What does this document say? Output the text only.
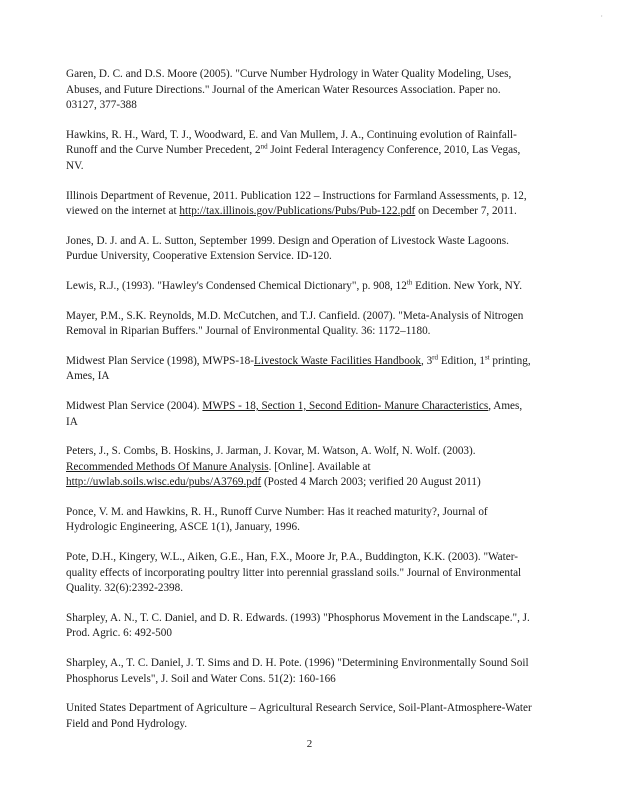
·

Garen, D. C. and D.S. Moore (2005). "Curve Number Hydrology in Water Quality Modeling, Uses, Abuses, and Future Directions." Journal of the American Water Resources Association. Paper no. 03127, 377-388

Hawkins, R. H., Ward, T. J., Woodward, E. and Van Mullem, J. A., Continuing evolution of Rainfall-Runoff and the Curve Number Precedent, 2nd Joint Federal Interagency Conference, 2010, Las Vegas, NV.

Illinois Department of Revenue, 2011. Publication 122 – Instructions for Farmland Assessments, p. 12, viewed on the internet at http://tax.illinois.gov/Publications/Pubs/Pub-122.pdf on December 7, 2011.

Jones, D. J. and A. L. Sutton, September 1999. Design and Operation of Livestock Waste Lagoons. Purdue University, Cooperative Extension Service. ID-120.

Lewis, R.J., (1993). "Hawley's Condensed Chemical Dictionary", p. 908, 12th Edition. New York, NY.

Mayer, P.M., S.K. Reynolds, M.D. McCutchen, and T.J. Canfield. (2007). "Meta-Analysis of Nitrogen Removal in Riparian Buffers." Journal of Environmental Quality. 36: 1172–1180.

Midwest Plan Service (1998), MWPS-18-Livestock Waste Facilities Handbook, 3rd Edition, 1st printing, Ames, IA

Midwest Plan Service (2004). MWPS - 18, Section 1, Second Edition- Manure Characteristics, Ames, IA

Peters, J., S. Combs, B. Hoskins, J. Jarman, J. Kovar, M. Watson, A. Wolf, N. Wolf. (2003). Recommended Methods Of Manure Analysis. [Online]. Available at http://uwlab.soils.wisc.edu/pubs/A3769.pdf (Posted 4 March 2003; verified 20 August 2011)

Ponce, V. M. and Hawkins, R. H., Runoff Curve Number: Has it reached maturity?, Journal of Hydrologic Engineering, ASCE 1(1), January, 1996.

Pote, D.H., Kingery, W.L., Aiken, G.E., Han, F.X., Moore Jr, P.A., Buddington, K.K. (2003). "Water-quality effects of incorporating poultry litter into perennial grassland soils." Journal of Environmental Quality. 32(6):2392-2398.

Sharpley, A. N., T. C. Daniel, and D. R. Edwards. (1993) "Phosphorus Movement in the Landscape.", J. Prod. Agric. 6: 492-500

Sharpley, A., T. C. Daniel, J. T. Sims and D. H. Pote. (1996) "Determining Environmentally Sound Soil Phosphorus Levels", J. Soil and Water Cons. 51(2): 160-166

United States Department of Agriculture – Agricultural Research Service, Soil-Plant-Atmosphere-Water Field and Pond Hydrology.

2
